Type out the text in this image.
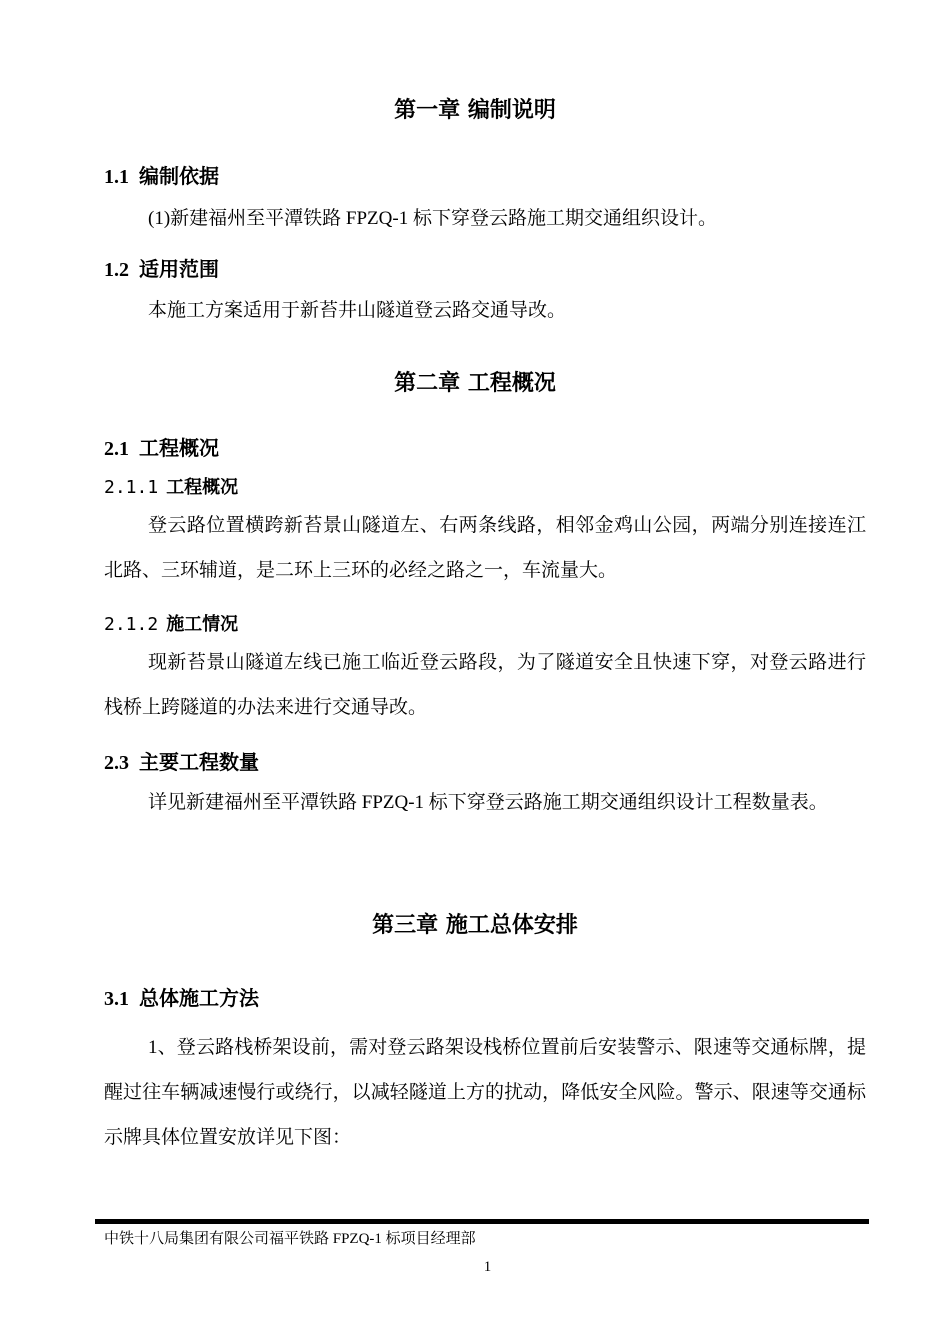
第一章 编制说明
1.1 编制依据
(1)新建福州至平潭铁路 FPZQ-1 标下穿登云路施工期交通组织设计。
1.2 适用范围
本施工方案适用于新苔井山隧道登云路交通导改。
第二章 工程概况
2.1 工程概况
2.1.1 工程概况
登云路位置横跨新苔景山隧道左、右两条线路，相邻金鸡山公园，两端分别连接连江北路、三环辅道，是二环上三环的必经之路之一，车流量大。
2.1.2 施工情况
现新苔景山隧道左线已施工临近登云路段，为了隧道安全且快速下穿，对登云路进行栈桥上跨隧道的办法来进行交通导改。
2.3 主要工程数量
详见新建福州至平潭铁路 FPZQ-1 标下穿登云路施工期交通组织设计工程数量表。
第三章 施工总体安排
3.1 总体施工方法
1、登云路栈桥架设前，需对登云路架设栈桥位置前后安装警示、限速等交通标牌，提醒过往车辆减速慢行或绕行，以减轻隧道上方的扰动，降低安全风险。警示、限速等交通标示牌具体位置安放详见下图：
中铁十八局集团有限公司福平铁路 FPZQ-1 标项目经理部
1
